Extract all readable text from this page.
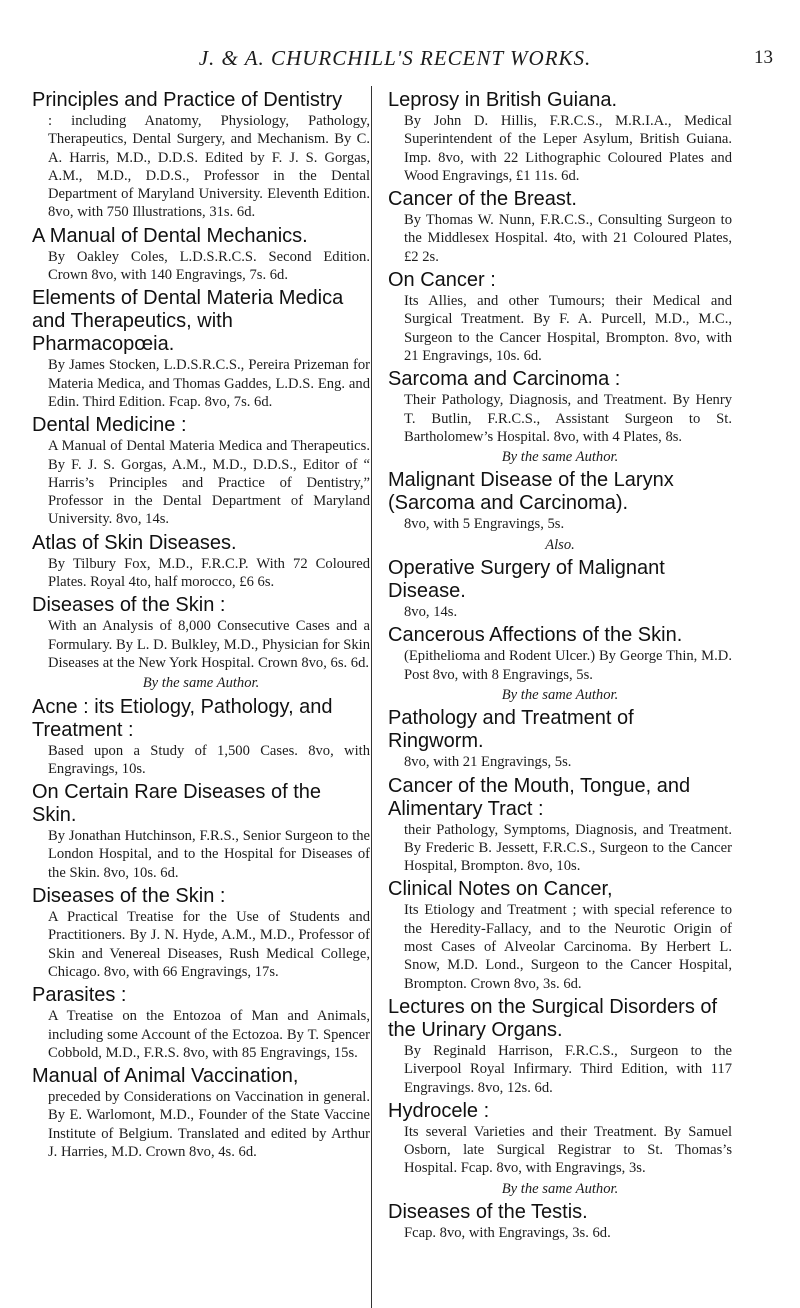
J. & A. CHURCHILL'S RECENT WORKS.	13
Principles and Practice of Dentistry
: including Anatomy, Physiology, Pathology, Therapeutics, Dental Surgery, and Mechanism. By C. A. Harris, M.D., D.D.S. Edited by F. J. S. Gorgas, A.M., M.D., D.D.S., Professor in the Dental Department of Maryland University. Eleventh Edition. 8vo, with 750 Illustrations, 31s. 6d.
A Manual of Dental Mechanics.
By Oakley Coles, L.D.S.R.C.S. Second Edition. Crown 8vo, with 140 Engravings, 7s. 6d.
Elements of Dental Materia Medica and Therapeutics, with Pharmacopœia.
By James Stocken, L.D.S.R.C.S., Pereira Prizeman for Materia Medica, and Thomas Gaddes, L.D.S. Eng. and Edin. Third Edition. Fcap. 8vo, 7s. 6d.
Dental Medicine :
A Manual of Dental Materia Medica and Therapeutics. By F. J. S. Gorgas, A.M., M.D., D.D.S., Editor of “ Harris’s Principles and Practice of Dentistry,” Professor in the Dental Department of Maryland University. 8vo, 14s.
Atlas of Skin Diseases.
By Tilbury Fox, M.D., F.R.C.P. With 72 Coloured Plates. Royal 4to, half morocco, £6 6s.
Diseases of the Skin :
With an Analysis of 8,000 Consecutive Cases and a Formulary. By L. D. Bulkley, M.D., Physician for Skin Diseases at the New York Hospital. Crown 8vo, 6s. 6d.
By the same Author.
Acne : its Etiology, Pathology, and Treatment :
Based upon a Study of 1,500 Cases. 8vo, with Engravings, 10s.
On Certain Rare Diseases of the Skin.
By Jonathan Hutchinson, F.R.S., Senior Surgeon to the London Hospital, and to the Hospital for Diseases of the Skin. 8vo, 10s. 6d.
Diseases of the Skin :
A Practical Treatise for the Use of Students and Practitioners. By J. N. Hyde, A.M., M.D., Professor of Skin and Venereal Diseases, Rush Medical College, Chicago. 8vo, with 66 Engravings, 17s.
Parasites :
A Treatise on the Entozoa of Man and Animals, including some Account of the Ectozoa. By T. Spencer Cobbold, M.D., F.R.S. 8vo, with 85 Engravings, 15s.
Manual of Animal Vaccination,
preceded by Considerations on Vaccination in general. By E. Warlomont, M.D., Founder of the State Vaccine Institute of Belgium. Translated and edited by Arthur J. Harries, M.D. Crown 8vo, 4s. 6d.
Leprosy in British Guiana.
By John D. Hillis, F.R.C.S., M.R.I.A., Medical Superintendent of the Leper Asylum, British Guiana. Imp. 8vo, with 22 Lithographic Coloured Plates and Wood Engravings, £1 11s. 6d.
Cancer of the Breast.
By Thomas W. Nunn, F.R.C.S., Consulting Surgeon to the Middlesex Hospital. 4to, with 21 Coloured Plates, £2 2s.
On Cancer :
Its Allies, and other Tumours; their Medical and Surgical Treatment. By F. A. Purcell, M.D., M.C., Surgeon to the Cancer Hospital, Brompton. 8vo, with 21 Engravings, 10s. 6d.
Sarcoma and Carcinoma :
Their Pathology, Diagnosis, and Treatment. By Henry T. Butlin, F.R.C.S., Assistant Surgeon to St. Bartholomew’s Hospital. 8vo, with 4 Plates, 8s.
By the same Author.
Malignant Disease of the Larynx (Sarcoma and Carcinoma).
8vo, with 5 Engravings, 5s.
Also.
Operative Surgery of Malignant Disease.
8vo, 14s.
Cancerous Affections of the Skin.
(Epithelioma and Rodent Ulcer.) By George Thin, M.D. Post 8vo, with 8 Engravings, 5s.
By the same Author.
Pathology and Treatment of Ringworm.
8vo, with 21 Engravings, 5s.
Cancer of the Mouth, Tongue, and Alimentary Tract :
their Pathology, Symptoms, Diagnosis, and Treatment. By Frederic B. Jessett, F.R.C.S., Surgeon to the Cancer Hospital, Brompton. 8vo, 10s.
Clinical Notes on Cancer,
Its Etiology and Treatment ; with special reference to the Heredity-Fallacy, and to the Neurotic Origin of most Cases of Alveolar Carcinoma. By Herbert L. Snow, M.D. Lond., Surgeon to the Cancer Hospital, Brompton. Crown 8vo, 3s. 6d.
Lectures on the Surgical Disorders of the Urinary Organs.
By Reginald Harrison, F.R.C.S., Surgeon to the Liverpool Royal Infirmary. Third Edition, with 117 Engravings. 8vo, 12s. 6d.
Hydrocele :
Its several Varieties and their Treatment. By Samuel Osborn, late Surgical Registrar to St. Thomas’s Hospital. Fcap. 8vo, with Engravings, 3s.
By the same Author.
Diseases of the Testis.
Fcap. 8vo, with Engravings, 3s. 6d.
